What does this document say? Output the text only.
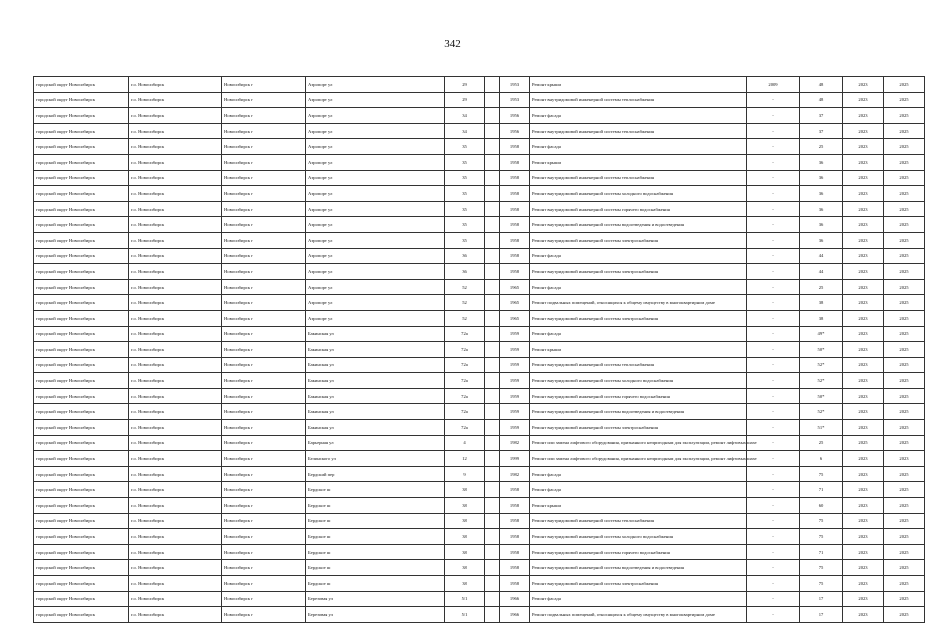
342
городской округ Новосибирск	г.о. Новосибирск	Новосибирск г	Аэропорт ул	29		1953	Ремонт крыши	2009	48	2023	2025
городской округ Новосибирск	г.о. Новосибирск	Новосибирск г	Аэропорт ул	29		1953	Ремонт внутридомовой инженерной системы теплоснабжения	-	48	2023	2025
городской округ Новосибирск	г.о. Новосибирск	Новосибирск г	Аэропорт ул	34		1956	Ремонт фасада	-	37	2023	2025
городской округ Новосибирск	г.о. Новосибирск	Новосибирск г	Аэропорт ул	34		1956	Ремонт внутридомовой инженерной системы теплоснабжения	-	37	2023	2025
городской округ Новосибирск	г.о. Новосибирск	Новосибирск г	Аэропорт ул	35		1958	Ремонт фасада	-	25	2023	2025
городской округ Новосибирск	г.о. Новосибирск	Новосибирск г	Аэропорт ул	35		1958	Ремонт крыши	-	36	2023	2025
городской округ Новосибирск	г.о. Новосибирск	Новосибирск г	Аэропорт ул	35		1958	Ремонт внутридомовой инженерной системы теплоснабжения	-	36	2023	2025
городской округ Новосибирск	г.о. Новосибирск	Новосибирск г	Аэропорт ул	35		1958	Ремонт внутридомовой инженерной системы холодного водоснабжения	-	36	2023	2025
городской округ Новосибирск	г.о. Новосибирск	Новосибирск г	Аэропорт ул	35		1958	Ремонт внутридомовой инженерной системы горячего водоснабжения	-	36	2023	2025
городской округ Новосибирск	г.о. Новосибирск	Новосибирск г	Аэропорт ул	35		1958	Ремонт внутридомовой инженерной системы водоотведения и водоотведения	-	36	2023	2025
городской округ Новосибирск	г.о. Новосибирск	Новосибирск г	Аэропорт ул	35		1958	Ремонт внутридомовой инженерной системы электроснабжения	-	36	2023	2025
городской округ Новосибирск	г.о. Новосибирск	Новосибирск г	Аэропорт ул	36		1958	Ремонт фасада	-	44	2023	2025
городской округ Новосибирск	г.о. Новосибирск	Новосибирск г	Аэропорт ул	36		1958	Ремонт внутридомовой инженерной системы электроснабжения	-	44	2023	2025
городской округ Новосибирск	г.о. Новосибирск	Новосибирск г	Аэропорт ул	52		1965	Ремонт фасада	-	25	2023	2025
городской округ Новосибирск	г.о. Новосибирск	Новосибирск г	Аэропорт ул	52		1965	Ремонт подвальных помещений, относящихся к общему имуществу в многоквартирном доме	-	38	2023	2025
городской округ Новосибирск	г.о. Новосибирск	Новосибирск г	Аэропорт ул	52		1965	Ремонт внутридомовой инженерной системы электроснабжения	-	38	2023	2025
городской округ Новосибирск	г.о. Новосибирск	Новосибирск г	Бакинская ул	72а		1959	Ремонт фасада	-	49*	2023	2025
городской округ Новосибирск	г.о. Новосибирск	Новосибирск г	Бакинская ул	72а		1959	Ремонт крыши	-	50*	2023	2025
городской округ Новосибирск	г.о. Новосибирск	Новосибирск г	Бакинская ул	72а		1959	Ремонт внутридомовой инженерной системы теплоснабжения	-	52*	2023	2025
городской округ Новосибирск	г.о. Новосибирск	Новосибирск г	Бакинская ул	72а		1959	Ремонт внутридомовой инженерной системы холодного водоснабжения	-	52*	2023	2025
городской округ Новосибирск	г.о. Новосибирск	Новосибирск г	Бакинская ул	72а		1959	Ремонт внутридомовой инженерной системы горячего водоснабжения	-	50*	2023	2025
городской округ Новосибирск	г.о. Новосибирск	Новосибирск г	Бакинская ул	72а		1959	Ремонт внутридомовой инженерной системы водоотведения и водоотведения	-	52*	2023	2025
городской округ Новосибирск	г.о. Новосибирск	Новосибирск г	Бакинская ул	72а		1959	Ремонт внутридомовой инженерной системы электроснабжения	-	51*	2023	2025
городской округ Новосибирск	г.о. Новосибирск	Новосибирск г	Барьерная ул	4		1982	Ремонт или замена лифтового оборудования, признанного непригодным для эксплуатации, ремонт лифтовых шахт	-	25	2025	2025
городской округ Новосибирск	г.о. Новосибирск	Новосибирск г	Белинского ул	12		1999	Ремонт или замена лифтового оборудования, признанного непригодным для эксплуатации, ремонт лифтовых шахт	-	6	2023	2023
городской округ Новосибирск	г.о. Новосибирск	Новосибирск г	Бердский пер	9		1982	Ремонт фасада	-	75	2023	2025
городской округ Новосибирск	г.о. Новосибирск	Новосибирск г	Бердское ш	38		1958	Ремонт фасада	-	71	2023	2025
городской округ Новосибирск	г.о. Новосибирск	Новосибирск г	Бердское ш	38		1958	Ремонт крыши	-	60	2023	2025
городской округ Новосибирск	г.о. Новосибирск	Новосибирск г	Бердское ш	38		1958	Ремонт внутридомовой инженерной системы теплоснабжения	-	75	2023	2025
городской округ Новосибирск	г.о. Новосибирск	Новосибирск г	Бердское ш	38		1958	Ремонт внутридомовой инженерной системы холодного водоснабжения	-	75	2023	2025
городской округ Новосибирск	г.о. Новосибирск	Новосибирск г	Бердское ш	38		1958	Ремонт внутридомовой инженерной системы горячего водоснабжения	-	71	2023	2025
городской округ Новосибирск	г.о. Новосибирск	Новосибирск г	Бердское ш	38		1958	Ремонт внутридомовой инженерной системы водоотведения и водоотведения	-	75	2023	2025
городской округ Новосибирск	г.о. Новосибирск	Новосибирск г	Бердское ш	38		1958	Ремонт внутридомовой инженерной системы электроснабжения	-	75	2023	2025
городской округ Новосибирск	г.о. Новосибирск	Новосибирск г	Березовая ул	5/1		1966	Ремонт фасада	-	17	2023	2025
городской округ Новосибирск	г.о. Новосибирск	Новосибирск г	Березовая ул	5/1		1966	Ремонт подвальных помещений, относящихся к общему имуществу в многоквартирном доме	-	17	2023	2025
